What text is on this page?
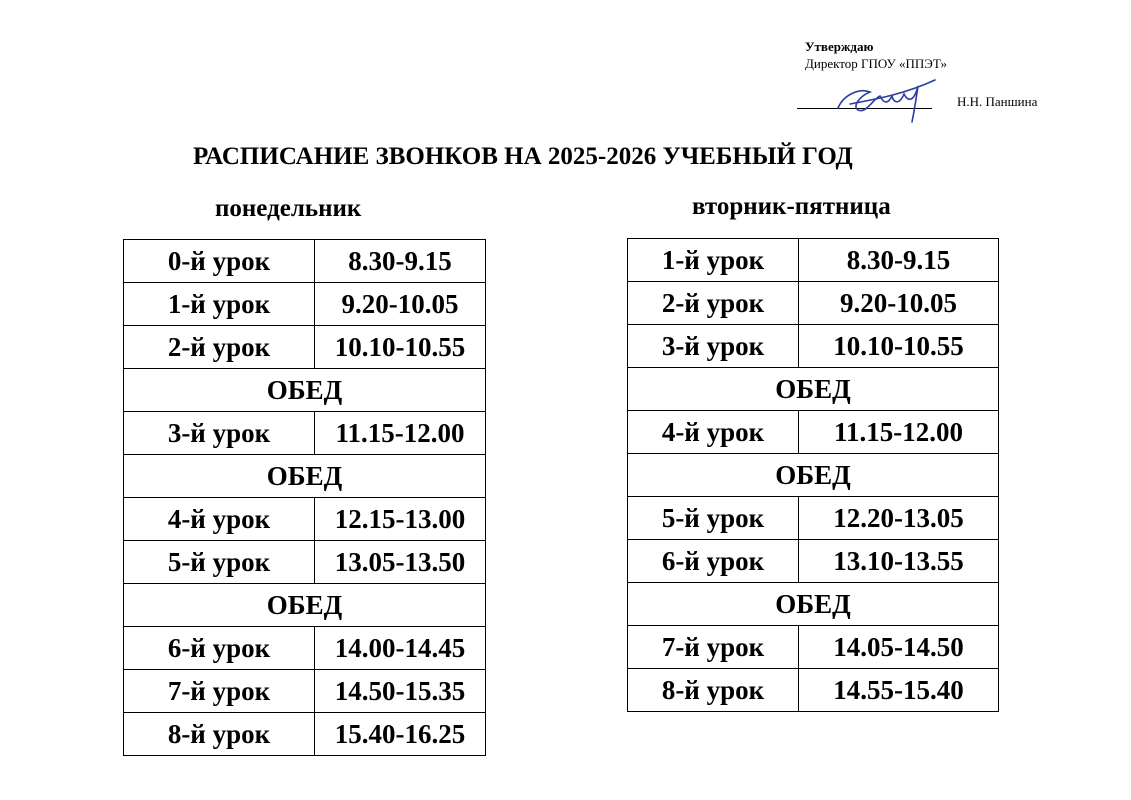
Утверждаю
Директор ГПОУ «ППЭТ»
Н.Н. Паншина
РАСПИСАНИЕ ЗВОНКОВ НА 2025-2026 УЧЕБНЫЙ ГОД
понедельник	вторник-пятница
0-й урок	8.30-9.15
1-й урок	9.20-10.05
2-й урок	10.10-10.55
ОБЕД	
3-й урок	11.15-12.00
ОБЕД	
4-й урок	12.15-13.00
5-й урок	13.05-13.50
ОБЕД	
6-й урок	14.00-14.45
7-й урок	14.50-15.35
8-й урок	15.40-16.25
1-й урок	8.30-9.15
2-й урок	9.20-10.05
3-й урок	10.10-10.55
ОБЕД	
4-й урок	11.15-12.00
ОБЕД	
5-й урок	12.20-13.05
6-й урок	13.10-13.55
ОБЕД	
7-й урок	14.05-14.50
8-й урок	14.55-15.40
